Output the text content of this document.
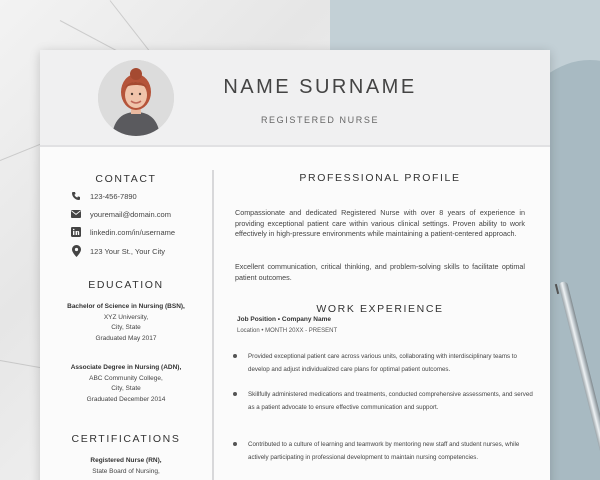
NAME SURNAME
REGISTERED NURSE
CONTACT
123-456-7890
youremail@domain.com
linkedin.com/in/username
123 Your St., Your City
EDUCATION
Bachelor of Science in Nursing (BSN),
XYZ University,
City, State
Graduated May 2017
Associate Degree in Nursing (ADN),
ABC Community College,
City, State
Graduated December 2014
CERTIFICATIONS
Registered Nurse (RN),
State Board of Nursing,
PROFESSIONAL PROFILE
Compassionate and dedicated Registered Nurse with over 8 years of experience in providing exceptional patient care within various clinical settings. Proven ability to work effectively in high-pressure environments while maintaining a patient-centered approach.
Excellent communication, critical thinking, and problem-solving skills to facilitate optimal patient outcomes.
WORK EXPERIENCE
Job Position • Company Name
Location • MONTH 20XX - PRESENT
Provided exceptional patient care across various units, collaborating with interdisciplinary teams to develop and adjust individualized care plans for optimal patient outcomes.
Skillfully administered medications and treatments, conducted comprehensive assessments, and served as a patient advocate to ensure effective communication and support.
Contributed to a culture of learning and teamwork by mentoring new staff and student nurses, while actively participating in professional development to maintain nursing competencies.
